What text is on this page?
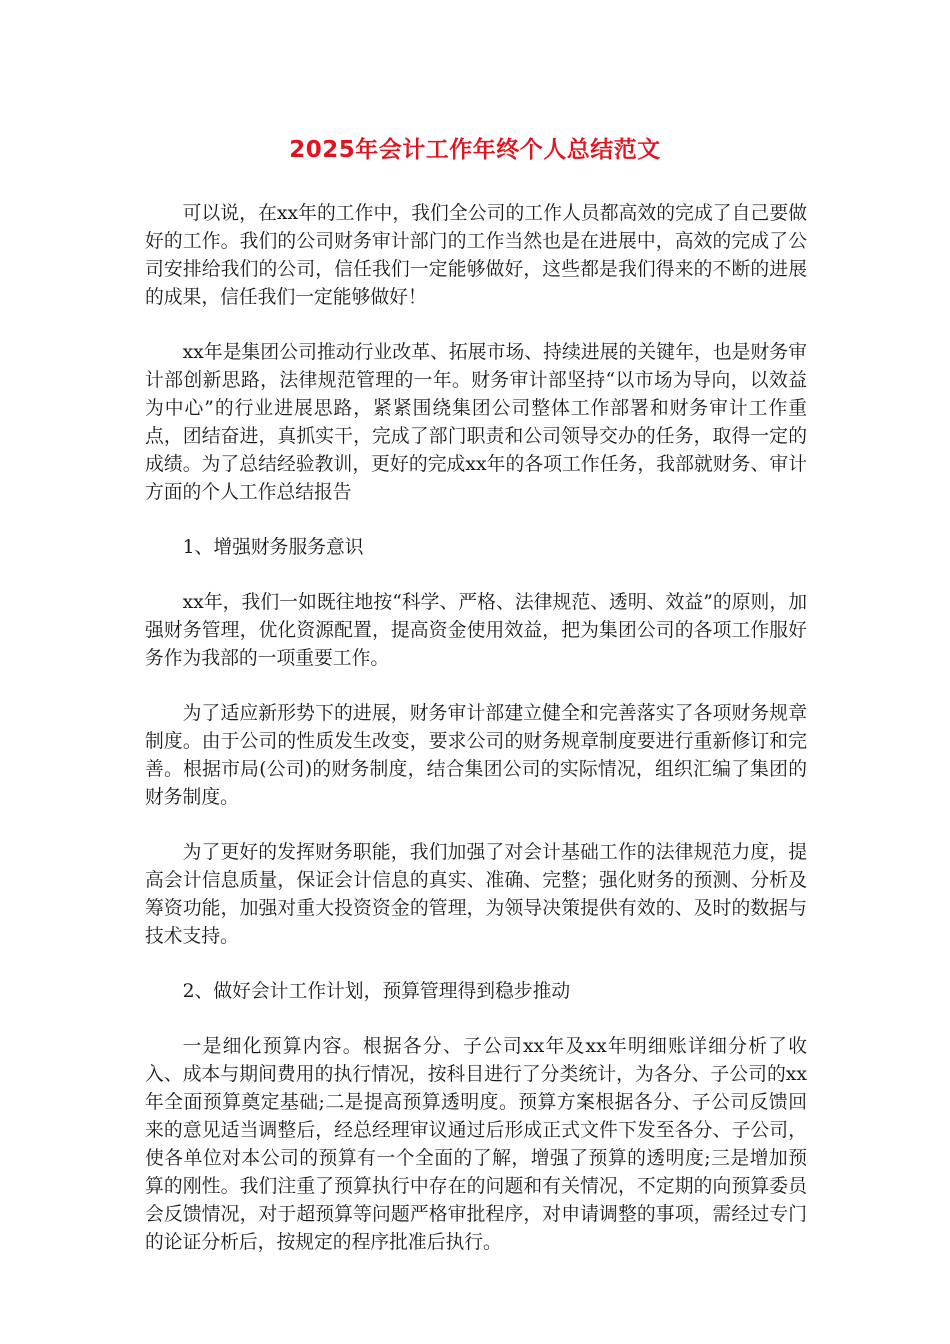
2025年会计工作年终个人总结范文

可以说，在xx年的工作中，我们全公司的工作人员都高效的完成了自己要做好的工作。我们的公司财务审计部门的工作当然也是在进展中，高效的完成了公司安排给我们的公司，信任我们一定能够做好，这些都是我们得来的不断的进展的成果，信任我们一定能够做好！

xx年是集团公司推动行业改革、拓展市场、持续进展的关键年，也是财务审计部创新思路，法律规范管理的一年。财务审计部坚持“以市场为导向，以效益为中心”的行业进展思路，紧紧围绕集团公司整体工作部署和财务审计工作重点，团结奋进，真抓实干，完成了部门职责和公司领导交办的任务，取得一定的成绩。为了总结经验教训，更好的完成xx年的各项工作任务，我部就财务、审计方面的个人工作总结报告

1、增强财务服务意识

xx年，我们一如既往地按“科学、严格、法律规范、透明、效益”的原则，加强财务管理，优化资源配置，提高资金使用效益，把为集团公司的各项工作服好务作为我部的一项重要工作。

为了适应新形势下的进展，财务审计部建立健全和完善落实了各项财务规章制度。由于公司的性质发生改变，要求公司的财务规章制度要进行重新修订和完善。根据市局(公司)的财务制度，结合集团公司的实际情况，组织汇编了集团的财务制度。

为了更好的发挥财务职能，我们加强了对会计基础工作的法律规范力度，提高会计信息质量，保证会计信息的真实、准确、完整；强化财务的预测、分析及筹资功能，加强对重大投资资金的管理，为领导决策提供有效的、及时的数据与技术支持。

2、做好会计工作计划，预算管理得到稳步推动

一是细化预算内容。根据各分、子公司xx年及xx年明细账详细分析了收入、成本与期间费用的执行情况，按科目进行了分类统计，为各分、子公司的xx年全面预算奠定基础;二是提高预算透明度。预算方案根据各分、子公司反馈回来的意见适当调整后，经总经理审议通过后形成正式文件下发至各分、子公司，使各单位对本公司的预算有一个全面的了解，增强了预算的透明度;三是增加预算的刚性。我们注重了预算执行中存在的问题和有关情况，不定期的向预算委员会反馈情况，对于超预算等问题严格审批程序，对申请调整的事项，需经过专门的论证分析后，按规定的程序批准后执行。
